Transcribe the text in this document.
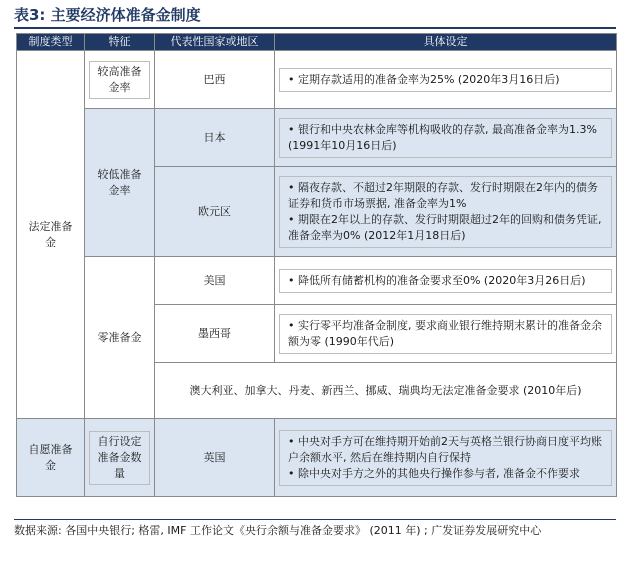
表3: 主要经济体准备金制度
制度类型	特征	代表性国家或地区	具体设定

法定准备金	较高准备金率	巴西	• 定期存款适用的准备金率为25% (2020年3月16日后)

	较低准备金率	日本	• 银行和中央农林金库等机构吸收的存款, 最高准备金率为1.3% (1991年10月16日后)

		欧元区	• 隔夜存款、不超过2年期限的存款、发行时期限在2年内的债务证券和货币市场票据, 准备金率为1%
• 期限在2年以上的存款、发行时期限超过2年的回购和债务凭证, 准备金率为0% (2012年1月18日后)

	零准备金	美国	• 降低所有储蓄机构的准备金要求至0% (2020年3月26日后)

		墨西哥	• 实行零平均准备金制度, 要求商业银行维持期末累计的准备金余额为零 (1990年代后)

		澳大利亚、加拿大、丹麦、新西兰、挪威、瑞典均无法定准备金要求 (2010年后)	

自愿准备金	自行设定准备金数量	英国	• 中央对手方可在维持期开始前2天与英格兰银行协商日度平均账户余额水平, 然后在维持期内自行保持
• 除中央对手方之外的其他央行操作参与者, 准备金不作要求
数据来源: 各国中央银行; 格雷, IMF 工作论文《央行余额与准备金要求》 (2011 年) ; 广发证券发展研究中心
